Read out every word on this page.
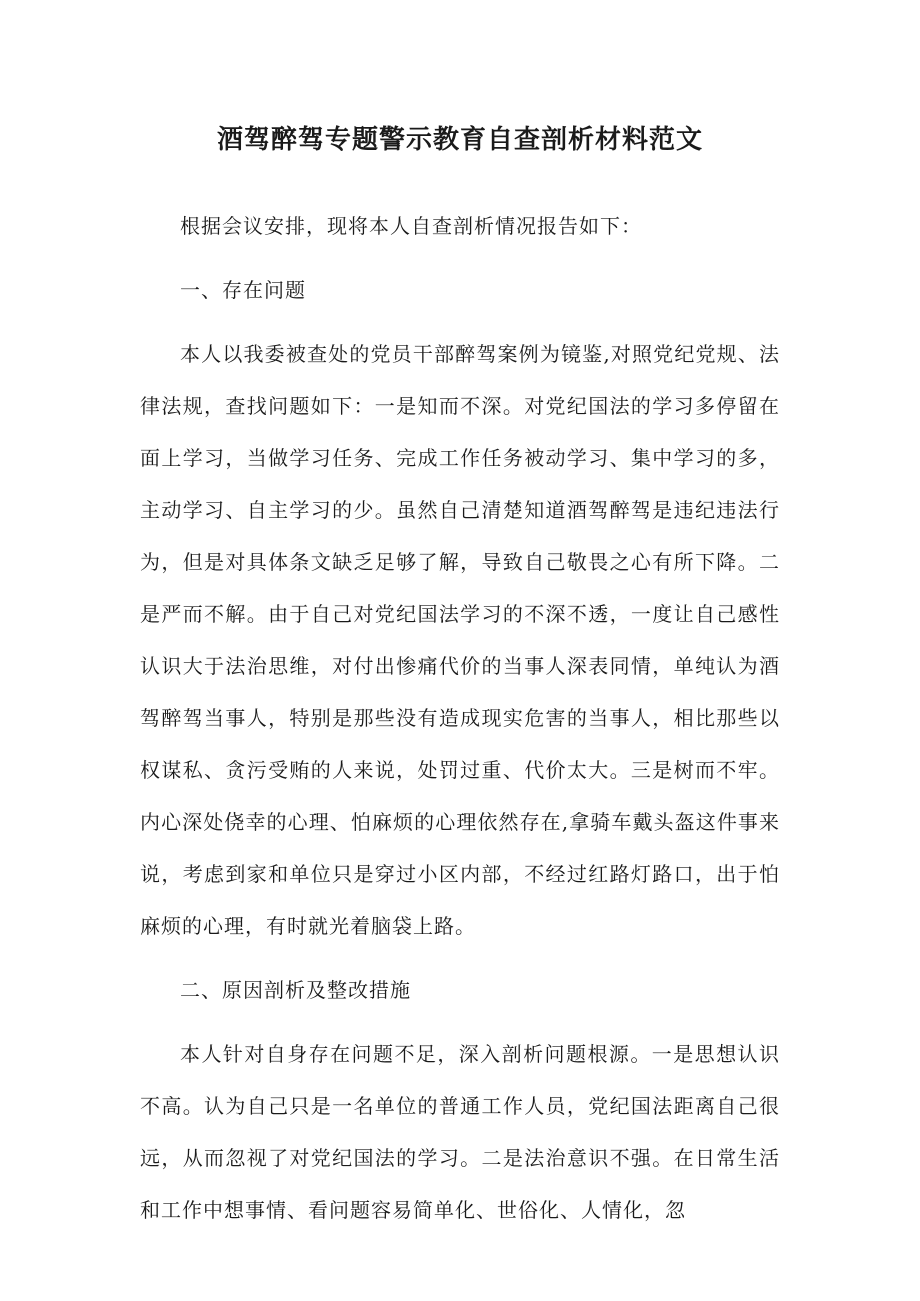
酒驾醉驾专题警示教育自查剖析材料范文

根据会议安排，现将本人自查剖析情况报告如下：

一、存在问题

本人以我委被查处的党员干部醉驾案例为镜鉴,对照党纪党规、法律法规，查找问题如下：一是知而不深。对党纪国法的学习多停留在面上学习，当做学习任务、完成工作任务被动学习、集中学习的多，主动学习、自主学习的少。虽然自己清楚知道酒驾醉驾是违纪违法行为，但是对具体条文缺乏足够了解，导致自己敬畏之心有所下降。二是严而不解。由于自己对党纪国法学习的不深不透，一度让自己感性认识大于法治思维，对付出惨痛代价的当事人深表同情，单纯认为酒驾醉驾当事人，特别是那些没有造成现实危害的当事人，相比那些以权谋私、贪污受贿的人来说，处罚过重、代价太大。三是树而不牢。内心深处侥幸的心理、怕麻烦的心理依然存在,拿骑车戴头盔这件事来说，考虑到家和单位只是穿过小区内部，不经过红路灯路口，出于怕麻烦的心理，有时就光着脑袋上路。

二、原因剖析及整改措施

本人针对自身存在问题不足，深入剖析问题根源。一是思想认识不高。认为自己只是一名单位的普通工作人员，党纪国法距离自己很远，从而忽视了对党纪国法的学习。二是法治意识不强。在日常生活和工作中想事情、看问题容易简单化、世俗化、人情化，忽
